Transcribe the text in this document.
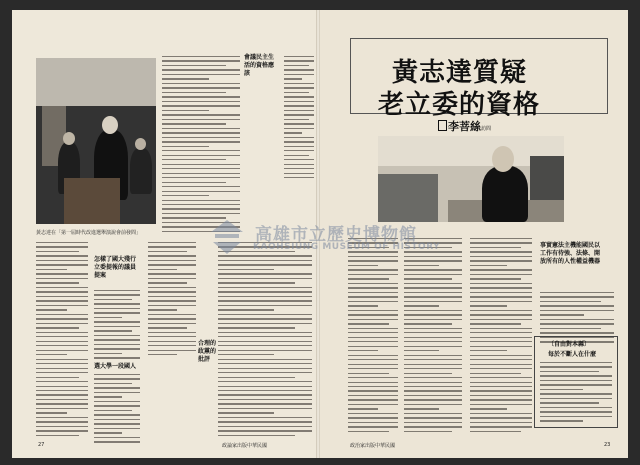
黃志達在「第一屆時代改進選舉演說會前發問」
會議民主生活的資格應該
怎樣了國大殘行立委提報的議員提案
選大學一段國人
合理的政黨的批評
政論家出版中華民國
27
黃志達質疑
老立委的資格
李菩絲訪問
事實憲法主機能國民以工作有待強、法條、開放所有的人性權益機器
〔自由對本縣〕
每於不斷人在什麼
政治家出版中華民國	23
高雄市立歷史博物館
KAOHSIUNG MUSEUM OF HISTORY
